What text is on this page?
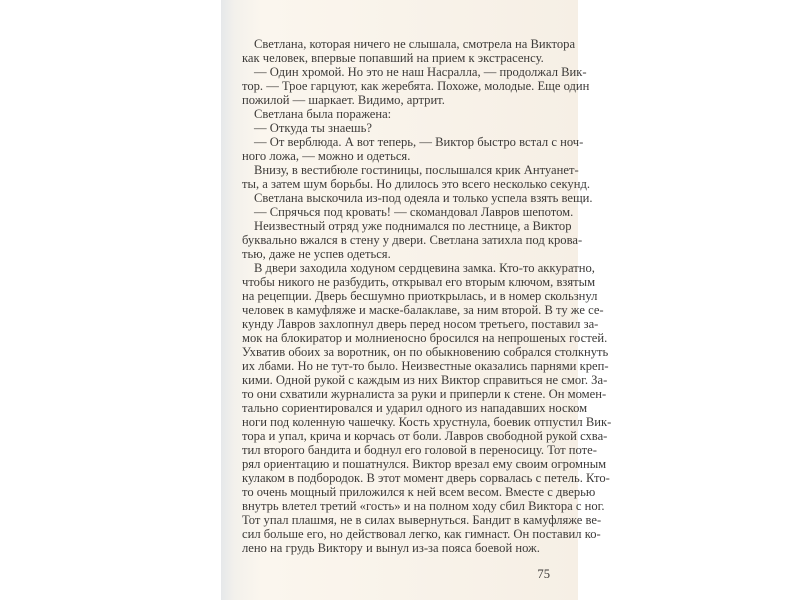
Светлана, которая ничего не слышала, смотрела на Виктора
как человек, впервые попавший на прием к экстрасенсу.
— Один хромой. Но это не наш Насралла, — продолжал Вик-
тор. — Трое гарцуют, как жеребята. Похоже, молодые. Еще один
пожилой — шаркает. Видимо, артрит.
Светлана была поражена:
— Откуда ты знаешь?
— От верблюда. А вот теперь, — Виктор быстро встал с ноч-
ного ложа, — можно и одеться.
Внизу, в вестибюле гостиницы, послышался крик Антуанет-
ты, а затем шум борьбы. Но длилось это всего несколько секунд.
Светлана выскочила из-под одеяла и только успела взять вещи.
— Спрячься под кровать! — скомандовал Лавров шепотом.
Неизвестный отряд уже поднимался по лестнице, а Виктор
буквально вжался в стену у двери. Светлана затихла под крова-
тью, даже не успев одеться.
В двери заходила ходуном сердцевина замка. Кто-то аккуратно,
чтобы никого не разбудить, открывал его вторым ключом, взятым
на рецепции. Дверь бесшумно приоткрылась, и в номер скользнул
человек в камуфляже и маске-балаклаве, за ним второй. В ту же се-
кунду Лавров захлопнул дверь перед носом третьего, поставил за-
мок на блокиратор и молниеносно бросился на непрошеных гостей.
Ухватив обоих за воротник, он по обыкновению собрался столкнуть
их лбами. Но не тут-то было. Неизвестные оказались парнями креп-
кими. Одной рукой с каждым из них Виктор справиться не смог. За-
то они схватили журналиста за руки и приперли к стене. Он момен-
тально сориентировался и ударил одного из нападавших носком
ноги под коленную чашечку. Кость хрустнула, боевик отпустил Вик-
тора и упал, крича и корчась от боли. Лавров свободной рукой схва-
тил второго бандита и боднул его головой в переносицу. Тот поте-
рял ориентацию и пошатнулся. Виктор врезал ему своим огромным
кулаком в подбородок. В этот момент дверь сорвалась с петель. Кто-
то очень мощный приложился к ней всем весом. Вместе с дверью
внутрь влетел третий «гость» и на полном ходу сбил Виктора с ног.
Тот упал плашмя, не в силах вывернуться. Бандит в камуфляже ве-
сил больше его, но действовал легко, как гимнаст. Он поставил ко-
лено на грудь Виктору и вынул из-за пояса боевой нож.
75
